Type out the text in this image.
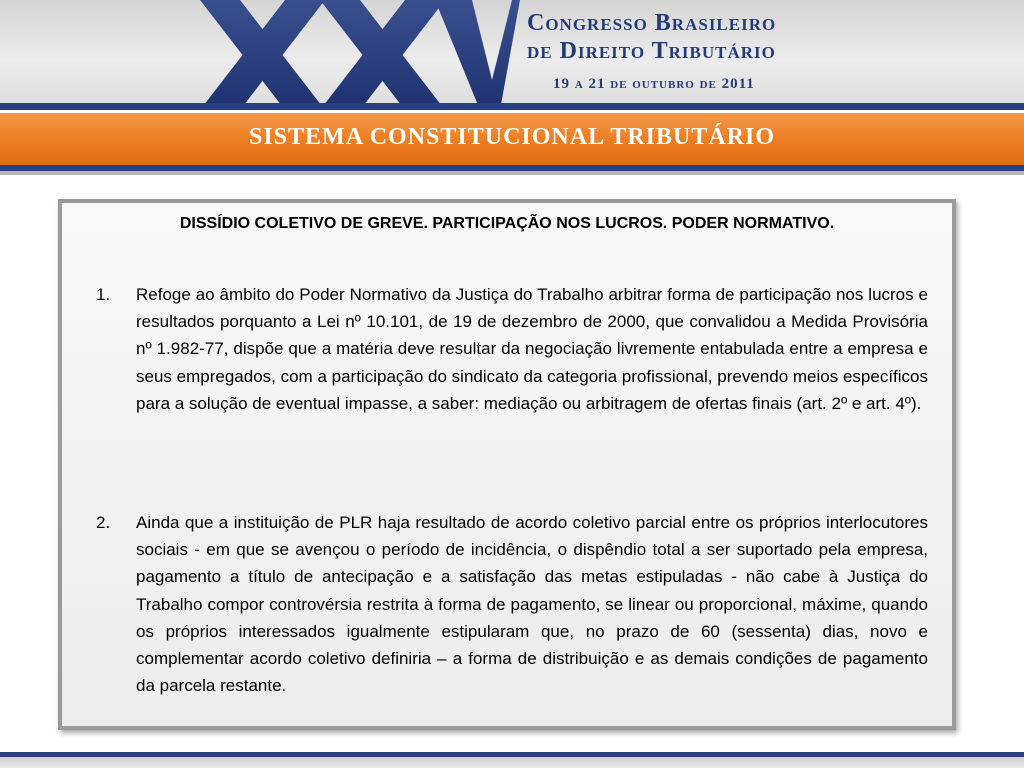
Congresso Brasileiro
de Direito Tributário
19 a 21 de outubro de 2011
SISTEMA CONSTITUCIONAL TRIBUTÁRIO
DISSÍDIO COLETIVO DE GREVE. PARTICIPAÇÃO NOS LUCROS. PODER NORMATIVO.
1.	Refoge ao âmbito do Poder Normativo da Justiça do Trabalho arbitrar forma de participação nos lucros e resultados porquanto a Lei nº 10.101, de 19 de dezembro de 2000, que convalidou a Medida Provisória nº 1.982-77, dispõe que a matéria deve resultar da negociação livremente entabulada entre a empresa e seus empregados, com a participação do sindicato da categoria profissional, prevendo meios específicos para a solução de eventual impasse, a saber: mediação ou arbitragem de ofertas finais (art. 2º e art. 4º).
2.	Ainda que a instituição de PLR haja resultado de acordo coletivo parcial entre os próprios interlocutores sociais - em que se avençou o período de incidência, o dispêndio total a ser suportado pela empresa, pagamento a título de antecipação e a satisfação das metas estipuladas - não cabe à Justiça do Trabalho compor controvérsia restrita à forma de pagamento, se linear ou proporcional, máxime, quando os próprios interessados igualmente estipularam que, no prazo de 60 (sessenta) dias, novo e complementar acordo coletivo definiria – a forma de distribuição e as demais condições de pagamento da parcela restante.
